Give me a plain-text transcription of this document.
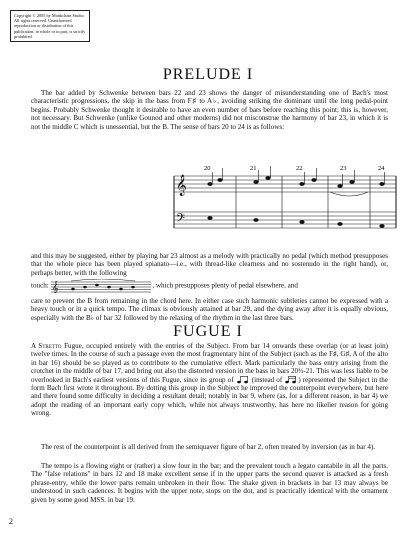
Copyright © 2005 by Monkchain Studio. All rights reserved. Unauthorized reproduction or distribution of this publication, in whole or in part, is strictly prohibited.
PRELUDE I
The bar added by Schwenke between bars 22 and 23 shows the danger of misunderstanding one of Bach's most characteristic progressions, the skip in the bass from F♯ to A♭, avoiding striking the dominant until the long pedal-point begins. Probably Schwenke thought it desirable to have an even number of bars before reaching this point; this is, however, not necessary. But Schwenke (unlike Gounod and other moderns) did not misconstrue the harmony of bar 23, in which it is not the middle C which is unessential, but the B. The sense of bars 20 to 24 is as follows:
𝄞
𝄢
20	21	22	23	24
and this may be suggested, either by playing bar 23 almost as a melody with practically no pedal (which method presupposes that the whole piece has been played spianato—i.e., with thread-like clearness and no sostenudo in the right hand), or, perhaps better, with the following
touch: 𝄞	, which presupposes plenty of pedal elsewhere, and
care to prevent the B from remaining in the chord here. In either case such harmonic subtleties cannot be expressed with a heavy touch or in a quick tempo. The climax is obviously attained at bar 29, and the dying away after it is equally obvious, especially with the B♭ of bar 32 followed by the relaxing of the rhythm in the last three bars.
FUGUE I
A Stretto Fugue, occupied entirely with the entries of the Subject. From bar 14 onwards these overlap (or at least join) twelve times. In the course of such a passage even the most fragmentary hint of the Subject (such as the F♯, G♯, A of the alto in bar 16) should be so played as to contribute to the cumulative effect. Mark particularly the bass entry arising from the crotchet in the middle of bar 17, and bring out also the distorted version in the bass in bars 20½-21. This was less liable to be overlooked in Bach's earliest versions of this Fugue, since its group of	(instead of ) represented the Subject in the form Bach first wrote it throughout. By dotting this group in the Subject he improved the counterpoint everywhere, but here and there found some difficulty in deciding a resultant detail; notably in bar 9, where (as, for a different reason, in bar 4) we adopt the reading of an important early copy which, while not always trustworthy, has here no likelier reason for going wrong.
The rest of the counterpoint is all derived from the semiquaver figure of bar 2, often treated by inversion (as in bar 4).
The tempo is a flowing eight or (rather) a slow four in the bar; and the prevalent touch a legato cantabile in all the parts. The "false relations" in bars 12 and 18 make excellent sense if in the upper parts the second quaver is attacked as a fresh phrase-entry, while the lower parts remain unbroken in their flow. The shake given in brackets in bar 13 may always be understood in such cadences. It begins with the upper note, stops on the dot, and is practically identical with the ornament given by some good MSS. in bar 19.
2
